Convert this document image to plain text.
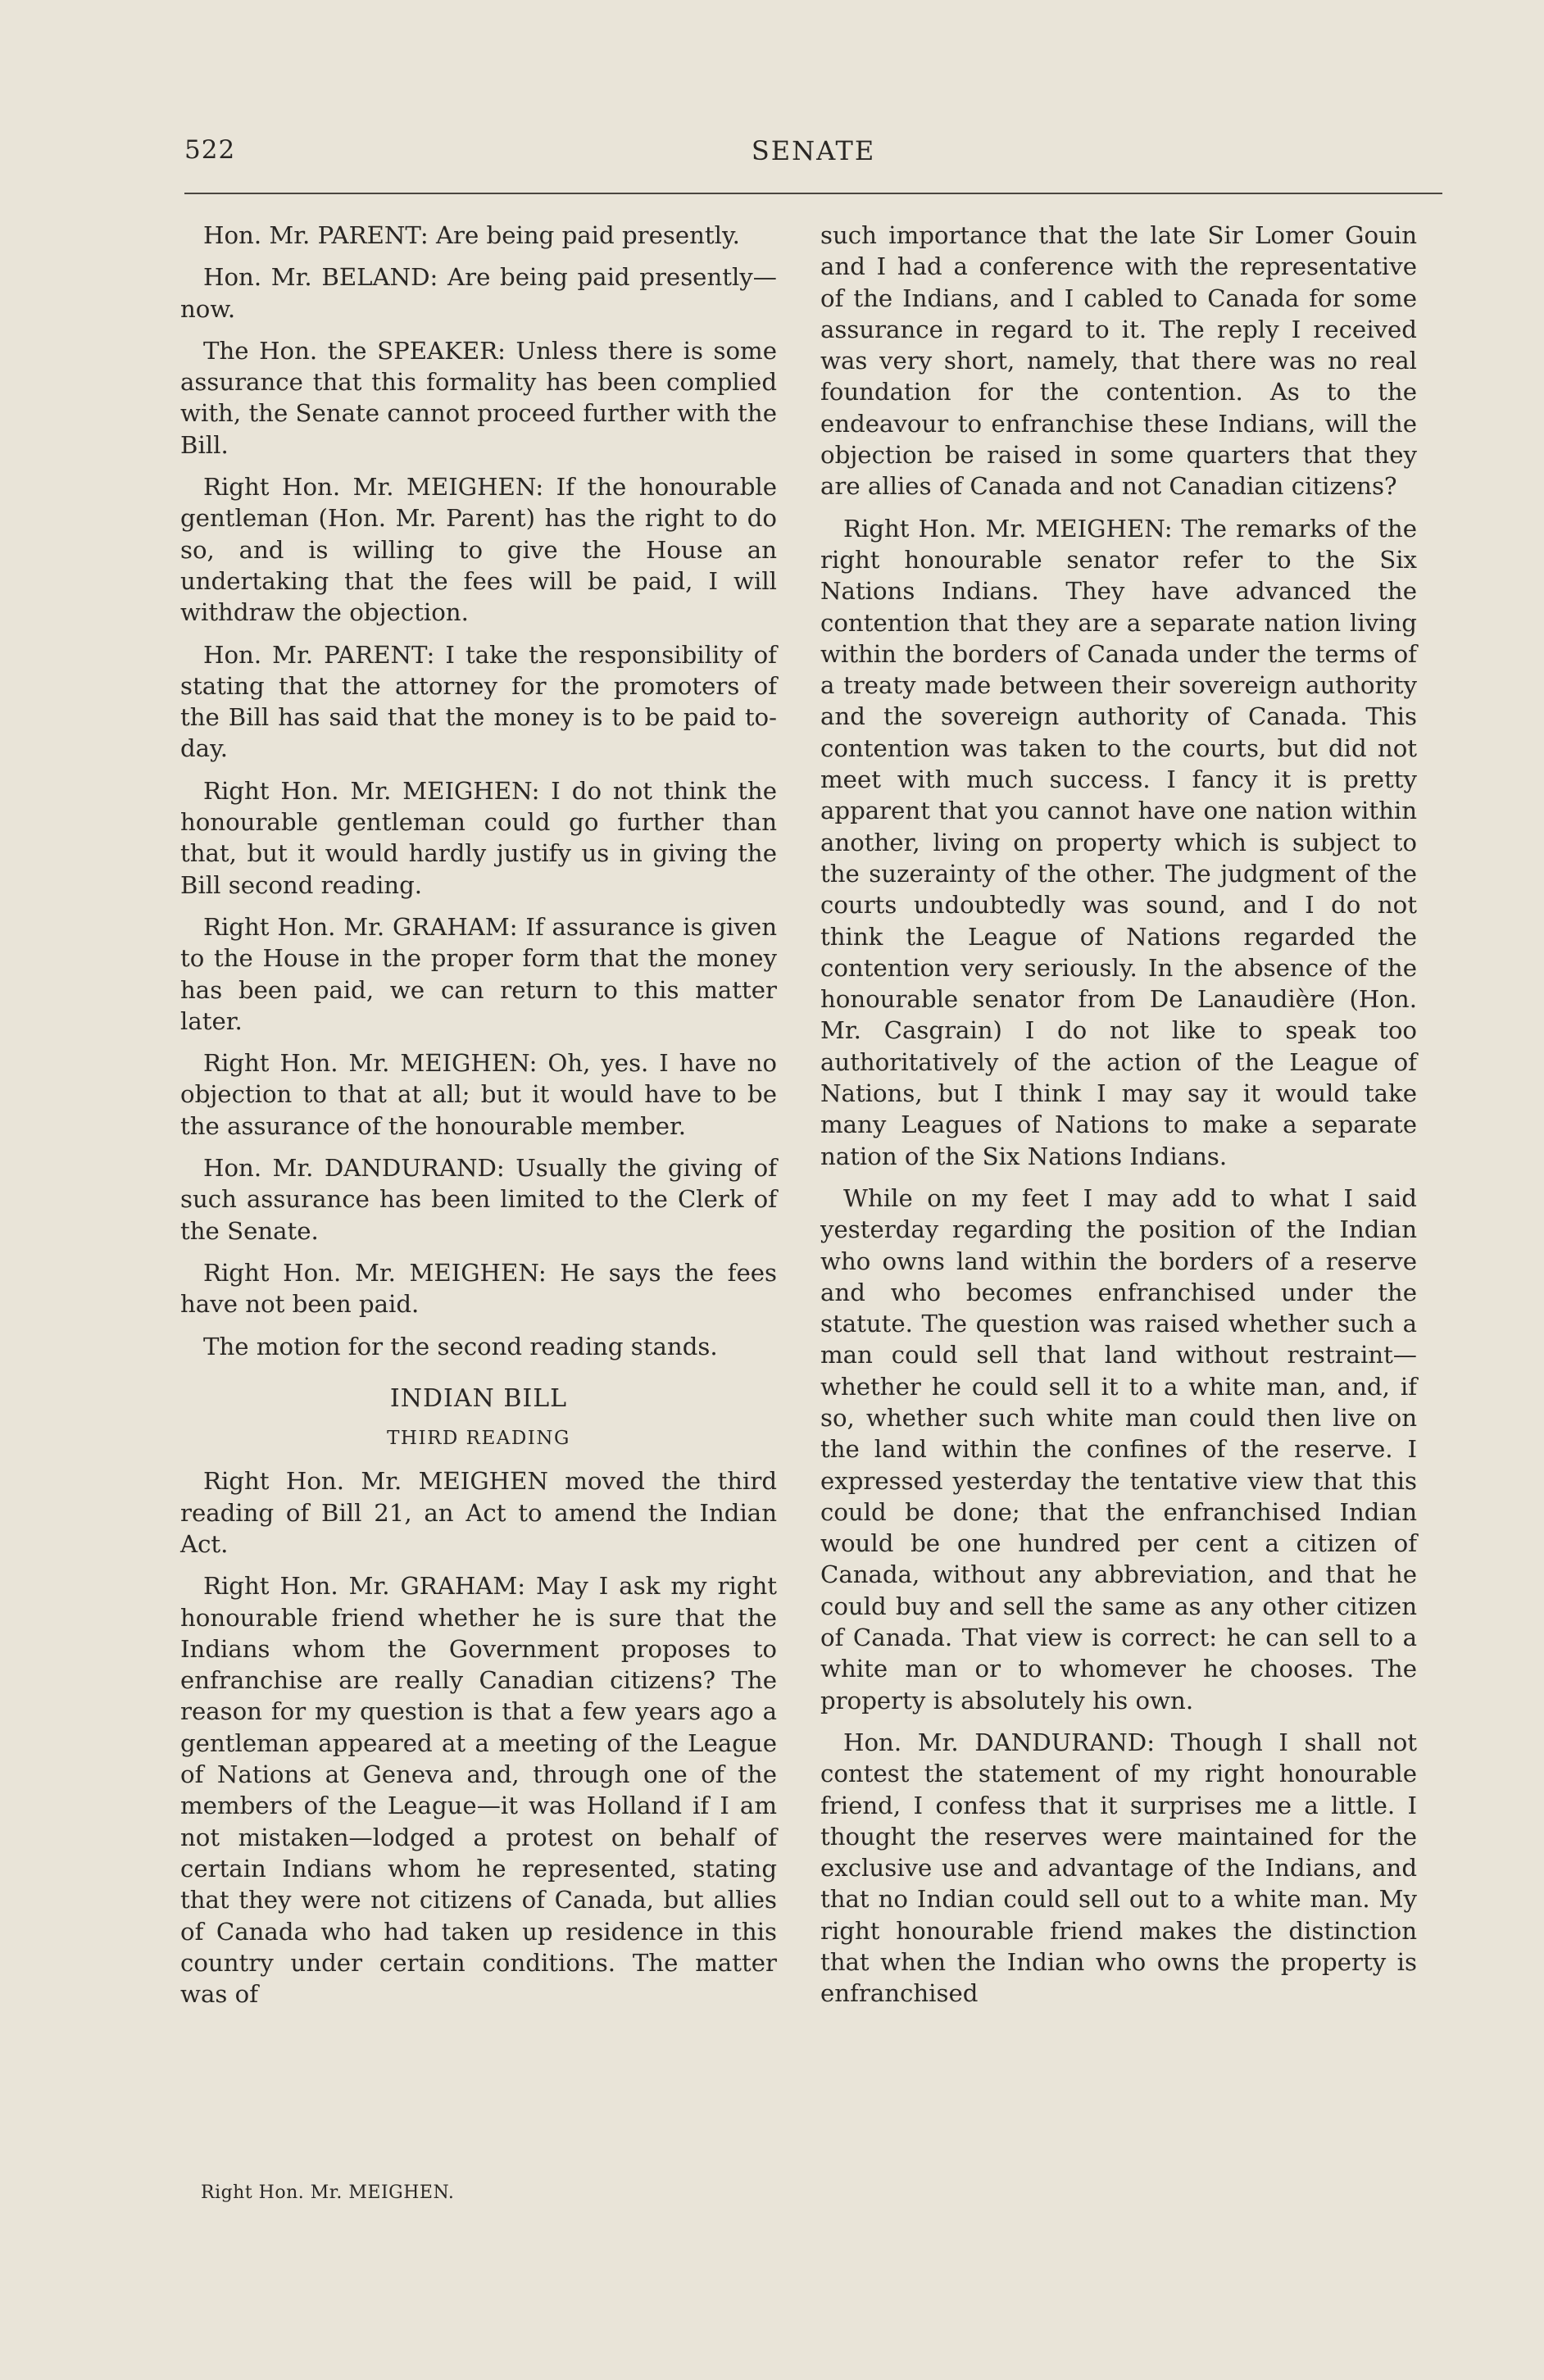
522	SENATE

Hon. Mr. PARENT: Are being paid presently.

Hon. Mr. BELAND: Are being paid presently—now.

The Hon. the SPEAKER: Unless there is some assurance that this formality has been complied with, the Senate cannot proceed further with the Bill.

Right Hon. Mr. MEIGHEN: If the honourable gentleman (Hon. Mr. Parent) has the right to do so, and is willing to give the House an undertaking that the fees will be paid, I will withdraw the objection.

Hon. Mr. PARENT: I take the responsibility of stating that the attorney for the promoters of the Bill has said that the money is to be paid to-day.

Right Hon. Mr. MEIGHEN: I do not think the honourable gentleman could go further than that, but it would hardly justify us in giving the Bill second reading.

Right Hon. Mr. GRAHAM: If assurance is given to the House in the proper form that the money has been paid, we can return to this matter later.

Right Hon. Mr. MEIGHEN: Oh, yes. I have no objection to that at all; but it would have to be the assurance of the honourable member.

Hon. Mr. DANDURAND: Usually the giving of such assurance has been limited to the Clerk of the Senate.

Right Hon. Mr. MEIGHEN: He says the fees have not been paid.

The motion for the second reading stands.

INDIAN BILL
THIRD READING

Right Hon. Mr. MEIGHEN moved the third reading of Bill 21, an Act to amend the Indian Act.

Right Hon. Mr. GRAHAM: May I ask my right honourable friend whether he is sure that the Indians whom the Government proposes to enfranchise are really Canadian citizens? The reason for my question is that a few years ago a gentleman appeared at a meeting of the League of Nations at Geneva and, through one of the members of the League—it was Holland if I am not mistaken—lodged a protest on behalf of certain Indians whom he represented, stating that they were not citizens of Canada, but allies of Canada who had taken up residence in this country under certain conditions. The matter was of

such importance that the late Sir Lomer Gouin and I had a conference with the representative of the Indians, and I cabled to Canada for some assurance in regard to it. The reply I received was very short, namely, that there was no real foundation for the contention. As to the endeavour to enfranchise these Indians, will the objection be raised in some quarters that they are allies of Canada and not Canadian citizens?

Right Hon. Mr. MEIGHEN: The remarks of the right honourable senator refer to the Six Nations Indians. They have advanced the contention that they are a separate nation living within the borders of Canada under the terms of a treaty made between their sovereign authority and the sovereign authority of Canada. This contention was taken to the courts, but did not meet with much success. I fancy it is pretty apparent that you cannot have one nation within another, living on property which is subject to the suzerainty of the other. The judgment of the courts undoubtedly was sound, and I do not think the League of Nations regarded the contention very seriously. In the absence of the honourable senator from De Lanaudière (Hon. Mr. Casgrain) I do not like to speak too authoritatively of the action of the League of Nations, but I think I may say it would take many Leagues of Nations to make a separate nation of the Six Nations Indians.

While on my feet I may add to what I said yesterday regarding the position of the Indian who owns land within the borders of a reserve and who becomes enfranchised under the statute. The question was raised whether such a man could sell that land without restraint—whether he could sell it to a white man, and, if so, whether such white man could then live on the land within the confines of the reserve. I expressed yesterday the tentative view that this could be done; that the enfranchised Indian would be one hundred per cent a citizen of Canada, without any abbreviation, and that he could buy and sell the same as any other citizen of Canada. That view is correct: he can sell to a white man or to whomever he chooses. The property is absolutely his own.

Hon. Mr. DANDURAND: Though I shall not contest the statement of my right honourable friend, I confess that it surprises me a little. I thought the reserves were maintained for the exclusive use and advantage of the Indians, and that no Indian could sell out to a white man. My right honourable friend makes the distinction that when the Indian who owns the property is enfranchised

Right Hon. Mr. MEIGHEN.
